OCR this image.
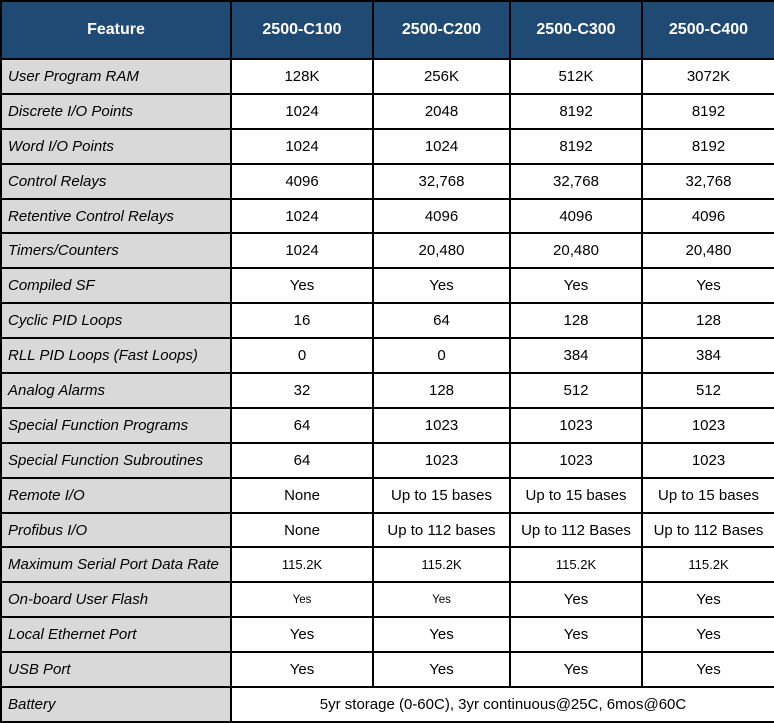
Feature	2500-C100	2500-C200	2500-C300	2500-C400
User Program RAM	128K	256K	512K	3072K
Discrete I/O Points	1024	2048	8192	8192
Word I/O Points	1024	1024	8192	8192
Control Relays	4096	32,768	32,768	32,768
Retentive Control Relays	1024	4096	4096	4096
Timers/Counters	1024	20,480	20,480	20,480
Compiled SF	Yes	Yes	Yes	Yes
Cyclic PID Loops	16	64	128	128
RLL PID Loops (Fast Loops)	0	0	384	384
Analog Alarms	32	128	512	512
Special Function Programs	64	1023	1023	1023
Special Function Subroutines	64	1023	1023	1023
Remote I/O	None	Up to 15 bases	Up to 15 bases	Up to 15 bases
Profibus I/O	None	Up to 112 bases	Up to 112 Bases	Up to 112 Bases
Maximum Serial Port Data Rate	115.2K	115.2K	115.2K	115.2K
On-board User Flash	Yes	Yes	Yes	Yes
Local Ethernet Port	Yes	Yes	Yes	Yes
USB Port	Yes	Yes	Yes	Yes
Battery	5yr storage (0-60C), 3yr continuous@25C, 6mos@60C			
